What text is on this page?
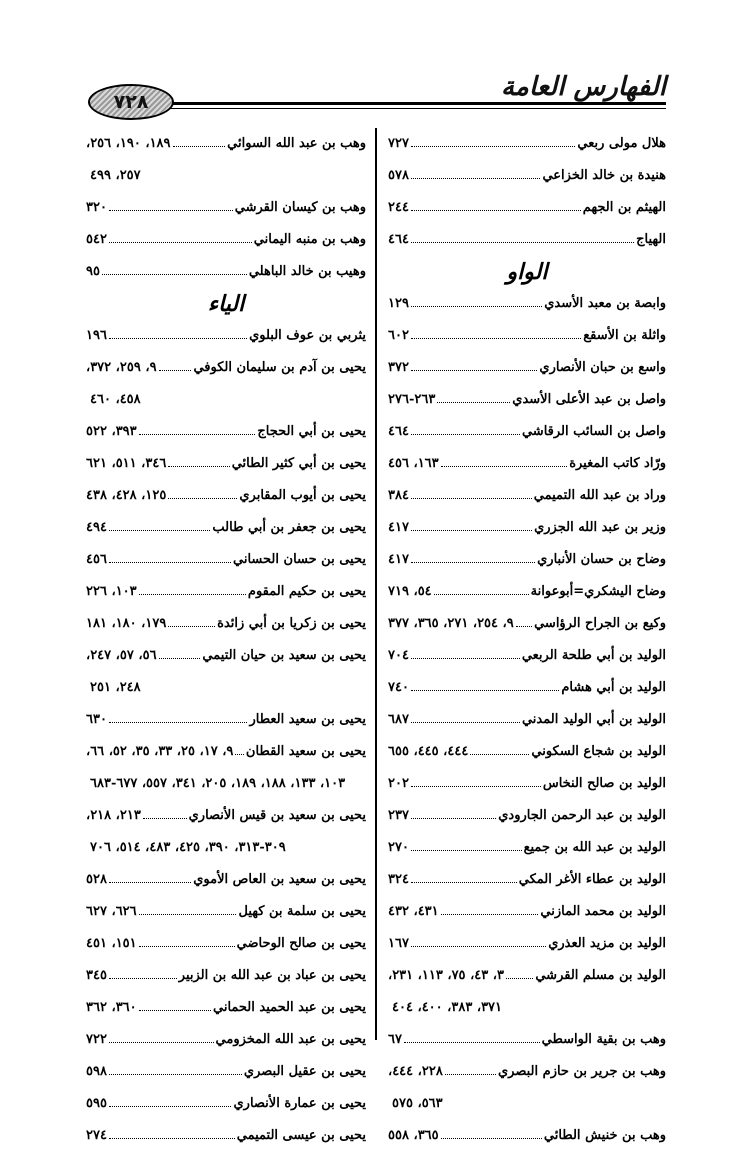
٧٢٨	الفهارس العامة
هلال مولى ربعي
٧٢٧
هنيدة بن خالد الخزاعي
٥٧٨
الهيثم بن الجهم
٢٤٤
الهياج
٤٦٤
الواو
وابصة بن معبد الأسدي
١٢٩
واثلة بن الأسقع
٦٠٢
واسع بن حبان الأنصاري
٣٧٢
واصل بن عبد الأعلى الأسدي
٢٦٣-٢٧٦
واصل بن السائب الرقاشي
٤٦٤
ورّاد كاتب المغيرة
١٦٣، ٤٥٦
وراد بن عبد الله التميمي
٣٨٤
وزير بن عبد الله الجزري
٤١٧
وضاح بن حسان الأنباري
٤١٧
وضاح اليشكري=أبوعوانة
٥٤، ٧١٩
وكيع بن الجراح الرؤاسي
٩، ٢٥٤، ٢٧١، ٣٦٥، ٣٧٧
الوليد بن أبي طلحة الربعي
٧٠٤
الوليد بن أبي هشام
٧٤٠
الوليد بن أبي الوليد المدني
٦٨٧
الوليد بن شجاع السكوني
٤٤٤، ٤٤٥، ٦٥٥
الوليد بن صالح النخاس
٢٠٢
الوليد بن عبد الرحمن الجارودي
٢٣٧
الوليد بن عبد الله بن جميع
٢٧٠
الوليد بن عطاء الأغر المكي
٣٢٤
الوليد بن محمد المازني
٤٣١، ٤٣٢
الوليد بن مزيد العذري
١٦٧
الوليد بن مسلم القرشي
٣، ٤٣، ٧٥، ١١٣، ٢٣١،
٣٧١، ٣٨٣، ٤٠٠، ٤٠٤
وهب بن بقية الواسطي
٦٧
وهب بن جرير بن حازم البصري
٢٢٨، ٤٤٤،
٥٦٣، ٥٧٥
وهب بن خنيش الطائي
٣٦٥، ٥٥٨
وهب بن عبد الله السوائي
١٨٩، ١٩٠، ٢٥٦،
٢٥٧، ٤٩٩
وهب بن كيسان القرشي
٣٢٠
وهب بن منبه اليماني
٥٤٢
وهيب بن خالد الباهلي
٩٥
الياء
يثربي بن عوف البلوي
١٩٦
يحيى بن آدم بن سليمان الكوفي
٩، ٢٥٩، ٣٧٢،
٤٥٨، ٤٦٠
يحيى بن أبي الحجاج
٣٩٣، ٥٢٢
يحيى بن أبي كثير الطائي
٣٤٦، ٥١١، ٦٢١
يحيى بن أيوب المقابري
١٢٥، ٤٢٨، ٤٣٨
يحيى بن جعفر بن أبي طالب
٤٩٤
يحيى بن حسان الحساني
٤٥٦
يحيى بن حكيم المقوم
١٠٣، ٢٢٦
يحيى بن زكريا بن أبي زائدة
١٧٩، ١٨٠، ١٨١
يحيى بن سعيد بن حيان التيمي
٥٦، ٥٧، ٢٤٧،
٢٤٨، ٢٥١
يحيى بن سعيد العطار
٦٣٠
يحيى بن سعيد القطان
٩، ١٧، ٢٥، ٣٣، ٣٥، ٥٢، ٦٦،
١٠٣، ١٣٣، ١٨٨، ١٨٩، ٢٠٥، ٣٤١، ٥٥٧، ٦٧٧-٦٨٣
يحيى بن سعيد بن قيس الأنصاري
٢١٣، ٢١٨،
٣٠٩-٣١٣، ٣٩٠، ٤٢٥، ٤٨٣، ٥١٤، ٧٠٦
يحيى بن سعيد بن العاص الأموي
٥٢٨
يحيى بن سلمة بن كهيل
٦٢٦، ٦٢٧
يحيى بن صالح الوحاضي
١٥١، ٤٥١
يحيى بن عباد بن عبد الله بن الزبير
٣٤٥
يحيى بن عبد الحميد الحماني
٣٦٠، ٣٦٢
يحيى بن عبد الله المخزومي
٧٢٢
يحيى بن عقيل البصري
٥٩٨
يحيى بن عمارة الأنصاري
٥٩٥
يحيى بن عيسى التميمي
٢٧٤
